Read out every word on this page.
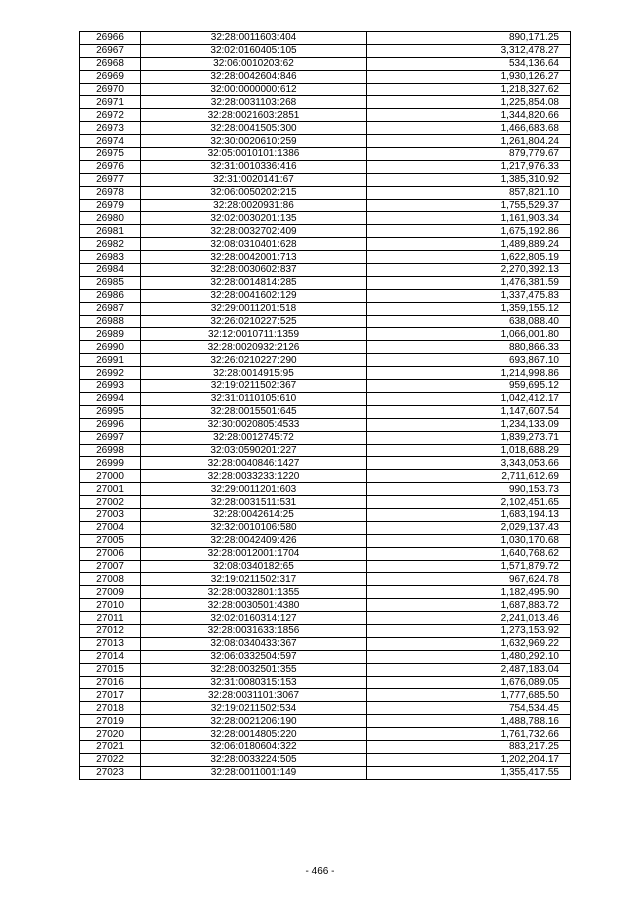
26966	32:28:0011603:404	890,171.25
26967	32:02:0160405:105	3,312,478.27
26968	32:06:0010203:62	534,136.64
26969	32:28:0042604:846	1,930,126.27
26970	32:00:0000000:612	1,218,327.62
26971	32:28:0031103:268	1,225,854.08
26972	32:28:0021603:2851	1,344,820.66
26973	32:28:0041505:300	1,466,683.68
26974	32:30:0020610:259	1,261,804.24
26975	32:05:0010101:1386	879,779.67
26976	32:31:0010336:416	1,217,976.33
26977	32:31:0020141:67	1,385,310.92
26978	32:06:0050202:215	857,821.10
26979	32:28:0020931:86	1,755,529.37
26980	32:02:0030201:135	1,161,903.34
26981	32:28:0032702:409	1,675,192.86
26982	32:08:0310401:628	1,489,889.24
26983	32:28:0042001:713	1,622,805.19
26984	32:28:0030602:837	2,270,392.13
26985	32:28:0014814:285	1,476,381.59
26986	32:28:0041602:129	1,337,475.83
26987	32:29:0011201:518	1,359,155.12
26988	32:26:0210227:525	638,088.40
26989	32:12:0010711:1359	1,066,001.80
26990	32:28:0020932:2126	880,866.33
26991	32:26:0210227:290	693,867.10
26992	32:28:0014915:95	1,214,998.86
26993	32:19:0211502:367	959,695.12
26994	32:31:0110105:610	1,042,412.17
26995	32:28:0015501:645	1,147,607.54
26996	32:30:0020805:4533	1,234,133.09
26997	32:28:0012745:72	1,839,273.71
26998	32:03:0590201:227	1,018,688.29
26999	32:28:0040846:1427	3,343,053.66
27000	32:28:0033233:1220	2,711,612.69
27001	32:29:0011201:603	990,153.73
27002	32:28:0031511:531	2,102,451.65
27003	32:28:0042614:25	1,683,194.13
27004	32:32:0010106:580	2,029,137.43
27005	32:28:0042409:426	1,030,170.68
27006	32:28:0012001:1704	1,640,768.62
27007	32:08:0340182:65	1,571,879.72
27008	32:19:0211502:317	967,624.78
27009	32:28:0032801:1355	1,182,495.90
27010	32:28:0030501:4380	1,687,883.72
27011	32:02:0160314:127	2,241,013.46
27012	32:28:0031633:1856	1,273,153.92
27013	32:08:0340433:367	1,632,969.22
27014	32:06:0332504:597	1,480,292.10
27015	32:28:0032501:355	2,487,183.04
27016	32:31:0080315:153	1,676,089.05
27017	32:28:0031101:3067	1,777,685.50
27018	32:19:0211502:534	754,534.45
27019	32:28:0021206:190	1,488,788.16
27020	32:28:0014805:220	1,761,732.66
27021	32:06:0180604:322	883,217.25
27022	32:28:0033224:505	1,202,204.17
27023	32:28:0011001:149	1,355,417.55
- 466 -
